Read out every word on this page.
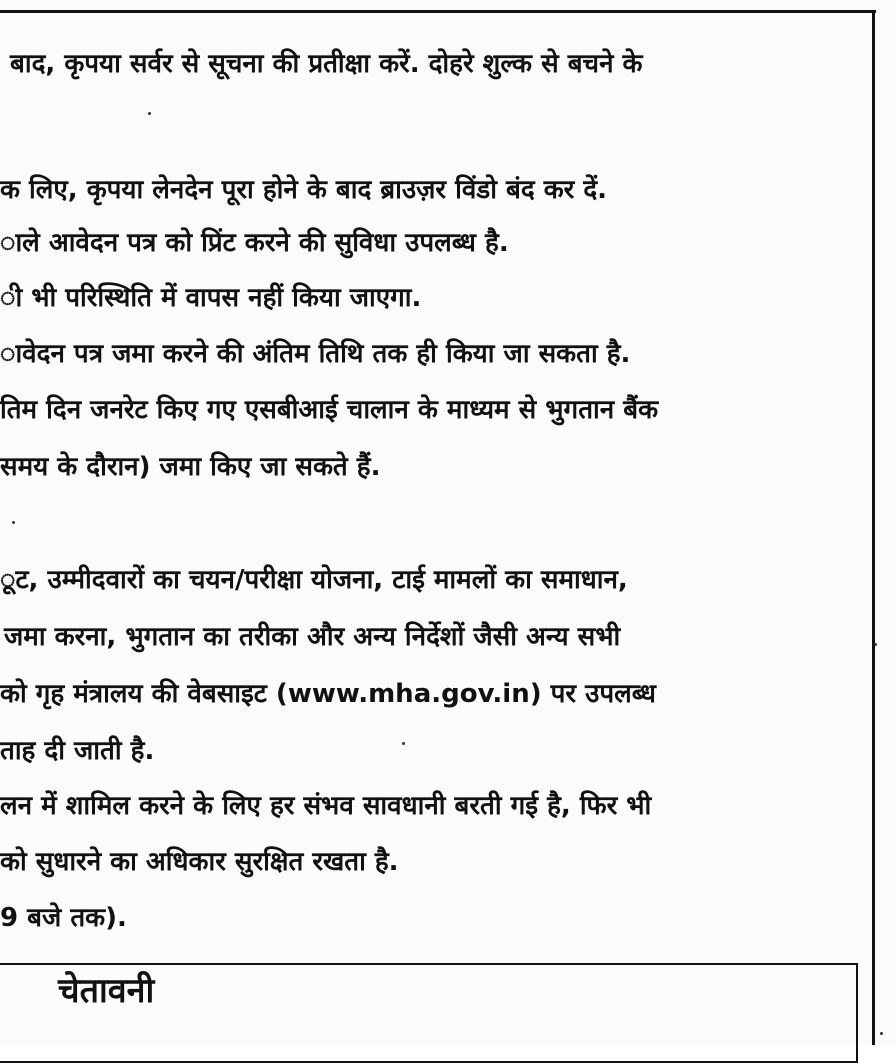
बाद, कृपया सर्वर से सूचना की प्रतीक्षा करें. दोहरे शुल्क से बचने के
क लिए, कृपया लेनदेन पूरा होने के बाद ब्राउज़र विंडो बंद कर दें.
ाले आवेदन पत्र को प्रिंट करने की सुविधा उपलब्ध है.
ी भी परिस्थिति में वापस नहीं किया जाएगा.
ावेदन पत्र जमा करने की अंतिम तिथि तक ही किया जा सकता है.
तिम दिन जनरेट किए गए एसबीआई चालान के माध्यम से भुगतान बैंक
समय के दौरान) जमा किए जा सकते हैं.
ूट, उम्मीदवारों का चयन/परीक्षा योजना, टाई मामलों का समाधान,
जमा करना, भुगतान का तरीका और अन्य निर्देशों जैसी अन्य सभी
को गृह मंत्रालय की वेबसाइट (www.mha.gov.in) पर उपलब्ध
ताह दी जाती है.
लन में शामिल करने के लिए हर संभव सावधानी बरती गई है, फिर भी
को सुधारने का अधिकार सुरक्षित रखता है.
9 बजे तक).
चेतावनी
